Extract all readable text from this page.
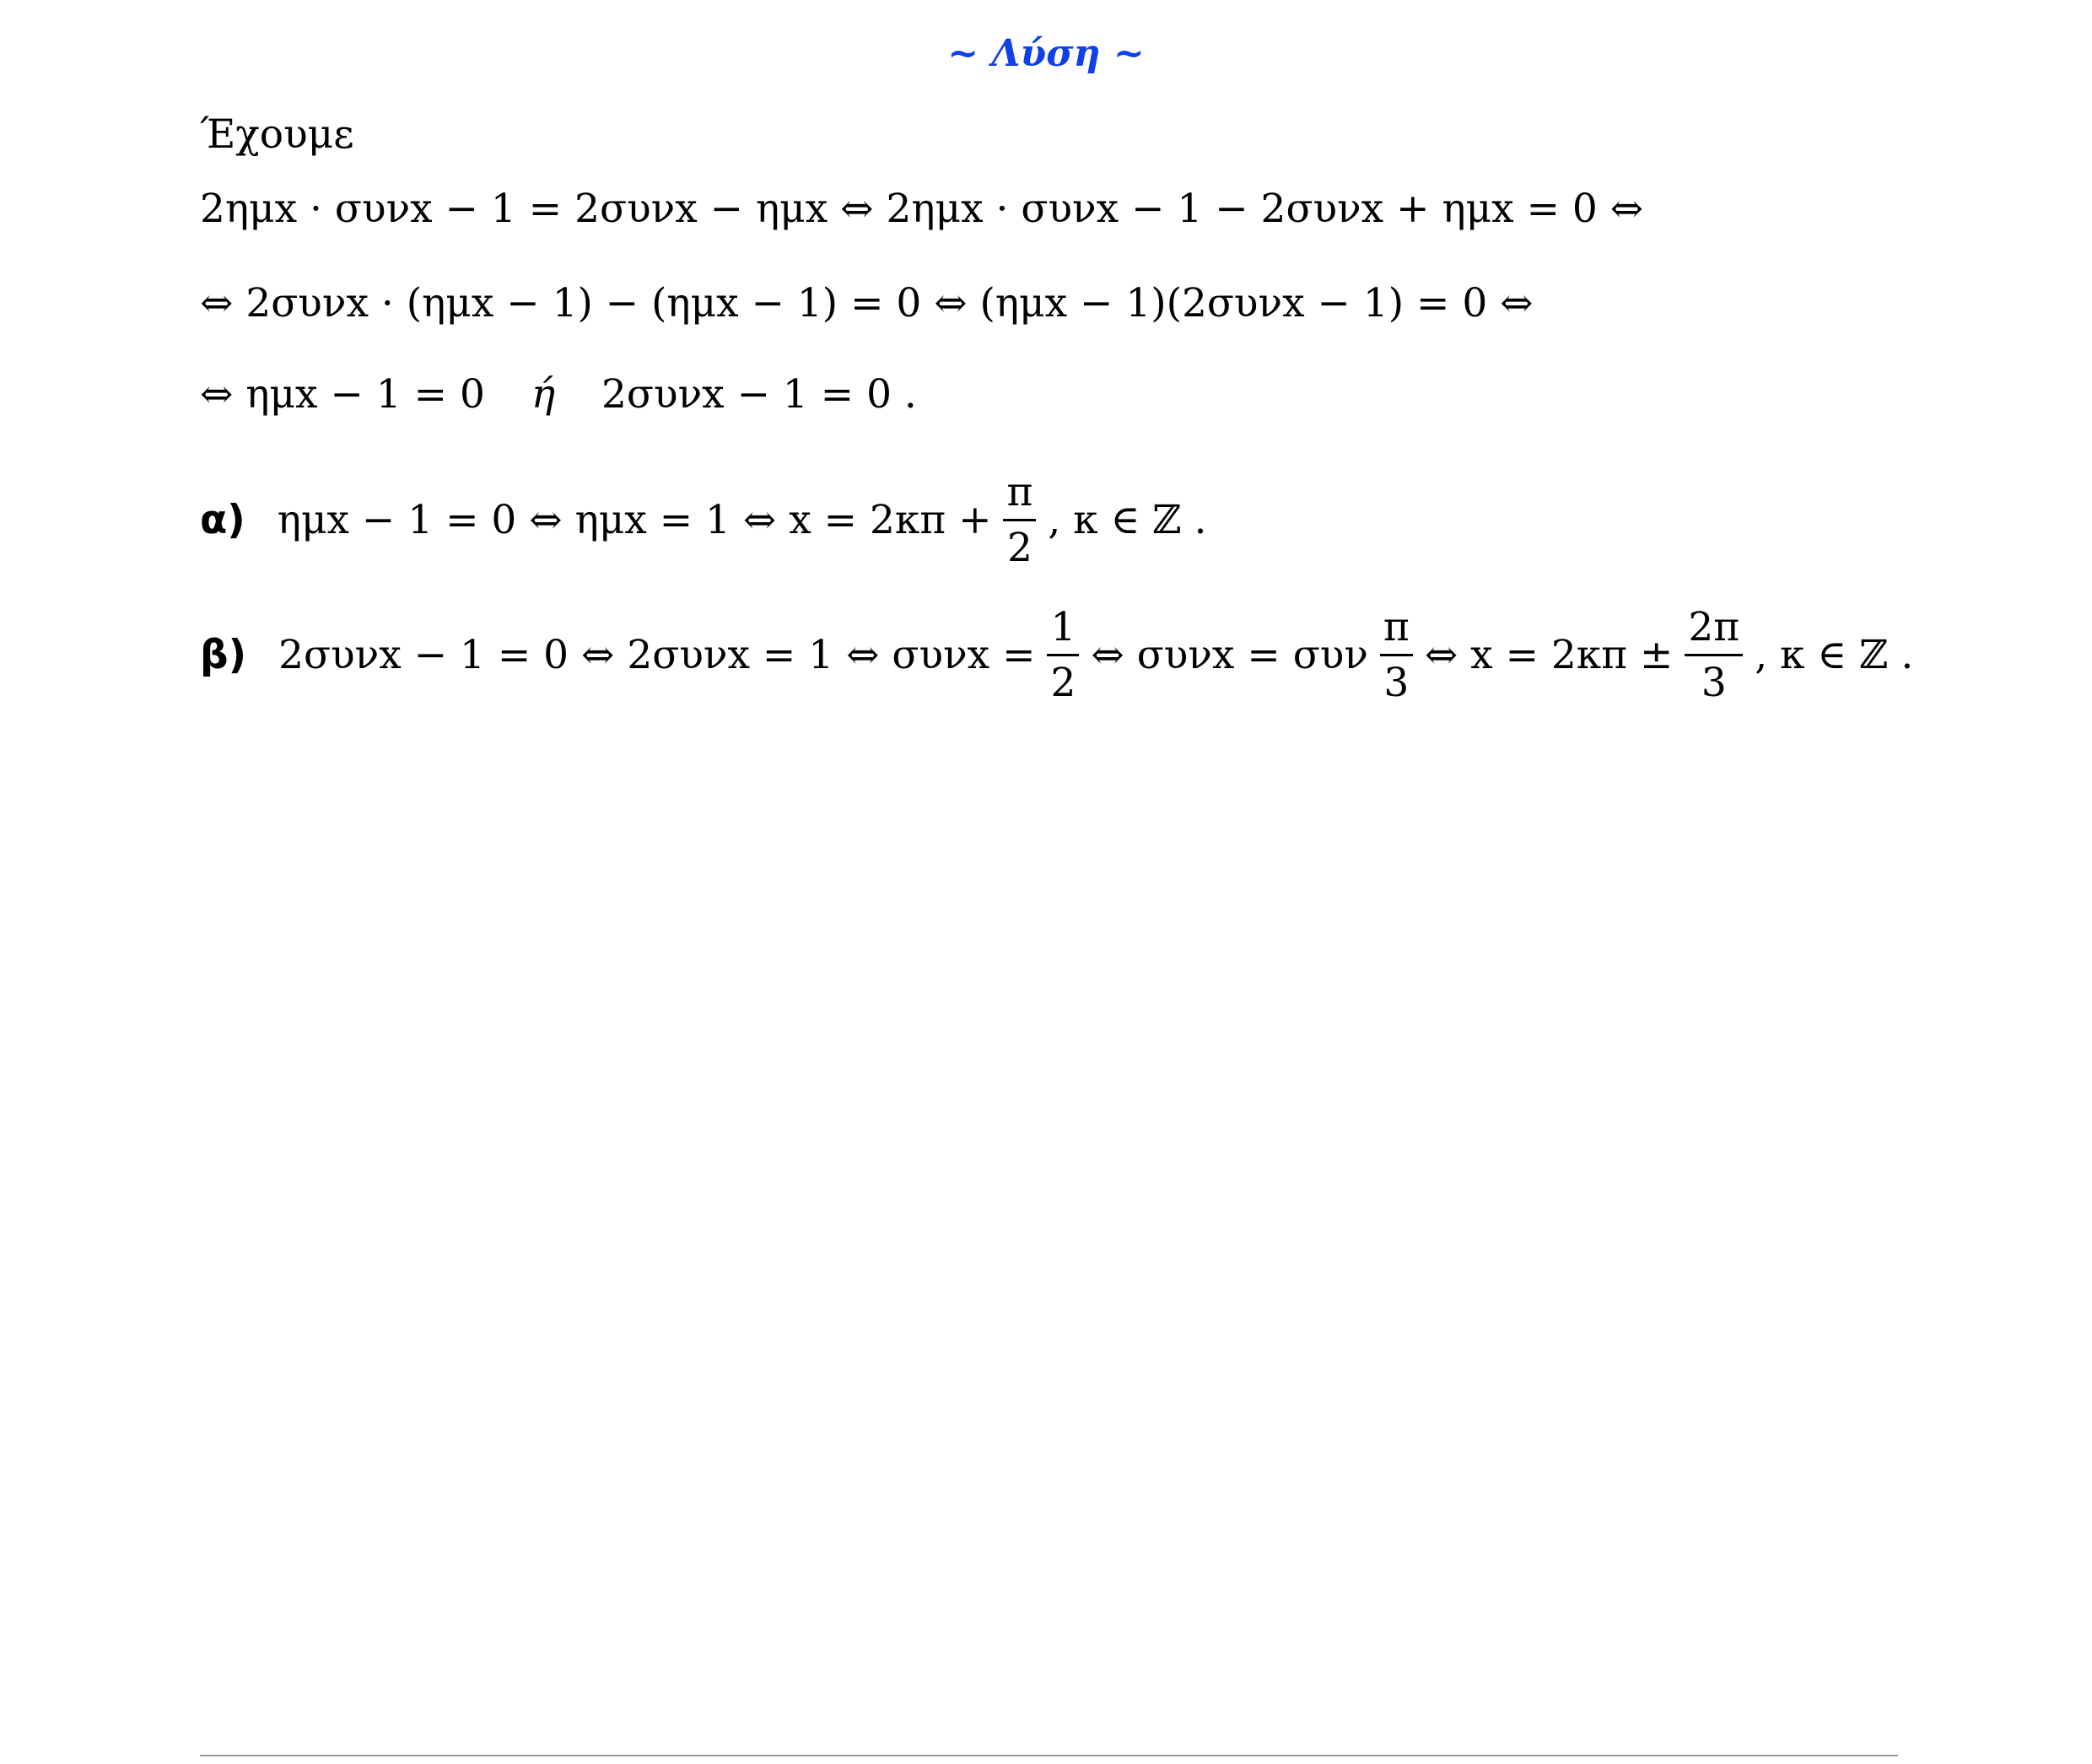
~ Λύση ~
Έχουμε
2ημx · συνx − 1 = 2συνx − ημx ⇔ 2ημx · συνx − 1 − 2συνx + ημx = 0 ⇔
⇔ 2συνx · (ημx − 1) − (ημx − 1) = 0 ⇔ (ημx − 1)(2συνx − 1) = 0 ⇔
⇔ ημx − 1 = 0 ή 2συνx − 1 = 0 .
α) ημx − 1 = 0 ⇔ ημx = 1 ⇔ $x = 2\kappa\pi + \frac{\pi}{2}$ , κ ∈ ℤ .
β) 2συνx − 1 = 0 ⇔ 2συνx = 1 ⇔ $\sigma\upsilon\nu x = \frac{1}{2}$ ⇔ συνx = συν $\frac{\pi}{3}$ ⇔ $x = 2\kappa\pi \pm \frac{2\pi}{3}$ , κ ∈ ℤ .
